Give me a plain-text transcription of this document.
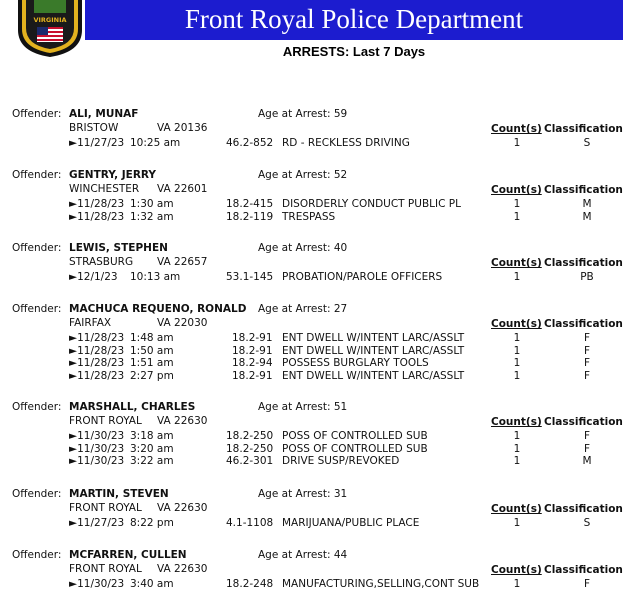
Front Royal Police Department
VIRGINIA
ARRESTS: Last 7 Days
Offender: ALI, MUNAF	Age at Arrest: 59
BRISTOW	VA 20136	Count(s) Classification
►11/27/23 10:25 am	46.2-852 RD - RECKLESS DRIVING	1	S
Offender: GENTRY, JERRY	Age at Arrest: 52
WINCHESTER VA 22601	Count(s) Classification
►11/28/23 1:30 am	18.2-415 DISORDERLY CONDUCT PUBLIC PL	1	M
►11/28/23 1:32 am	18.2-119 TRESPASS	1	M
Offender: LEWIS, STEPHEN	Age at Arrest: 40
STRASBURG VA 22657	Count(s) Classification
►12/1/23 10:13 am	53.1-145 PROBATION/PAROLE OFFICERS	1	PB
Offender: MACHUCA REQUENO, RONALD Age at Arrest: 27
FAIRFAX	VA 22030	Count(s) Classification
►11/28/23 1:48 am	18.2-91 ENT DWELL W/INTENT LARC/ASSLT	1	F
►11/28/23 1:50 am	18.2-91 ENT DWELL W/INTENT LARC/ASSLT	1	F
►11/28/23 1:51 am	18.2-94 POSSESS BURGLARY TOOLS	1	F
►11/28/23 2:27 pm	18.2-91 ENT DWELL W/INTENT LARC/ASSLT	1	F
Offender: MARSHALL, CHARLES	Age at Arrest: 51
FRONT ROYAL VA 22630	Count(s) Classification
►11/30/23 3:18 am	18.2-250 POSS OF CONTROLLED SUB	1	F
►11/30/23 3:20 am	18.2-250 POSS OF CONTROLLED SUB	1	F
►11/30/23 3:22 am	46.2-301 DRIVE SUSP/REVOKED	1	M
Offender: MARTIN, STEVEN	Age at Arrest: 31
FRONT ROYAL VA 22630	Count(s) Classification
►11/27/23 8:22 pm	4.1-1108 MARIJUANA/PUBLIC PLACE	1	S
Offender: MCFARREN, CULLEN	Age at Arrest: 44
FRONT ROYAL VA 22630	Count(s) Classification
►11/30/23 3:40 am	18.2-248 MANUFACTURING,SELLING,CONT SUB	1	F
